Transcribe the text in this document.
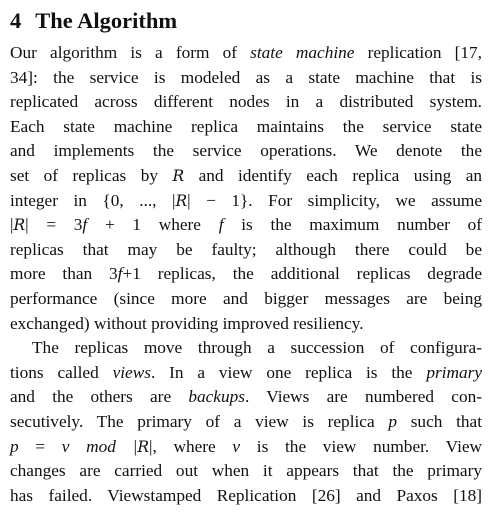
4 The Algorithm

Our algorithm is a form of state machine replication [17,
34]: the service is modeled as a state machine that is
replicated across different nodes in a distributed system.
Each state machine replica maintains the service state
and implements the service operations. We denote the
set of replicas by R and identify each replica using an
integer in {0, ..., |R| − 1}. For simplicity, we assume
|R| = 3f + 1 where f is the maximum number of
replicas that may be faulty; although there could be
more than 3f+1 replicas, the additional replicas degrade
performance (since more and bigger messages are being
exchanged) without providing improved resiliency.

The replicas move through a succession of configura-
tions called views. In a view one replica is the primary
and the others are backups. Views are numbered con-
secutively. The primary of a view is replica p such that
p = v mod |R|, where v is the view number. View
changes are carried out when it appears that the primary
has failed. Viewstamped Replication [26] and Paxos [18]
